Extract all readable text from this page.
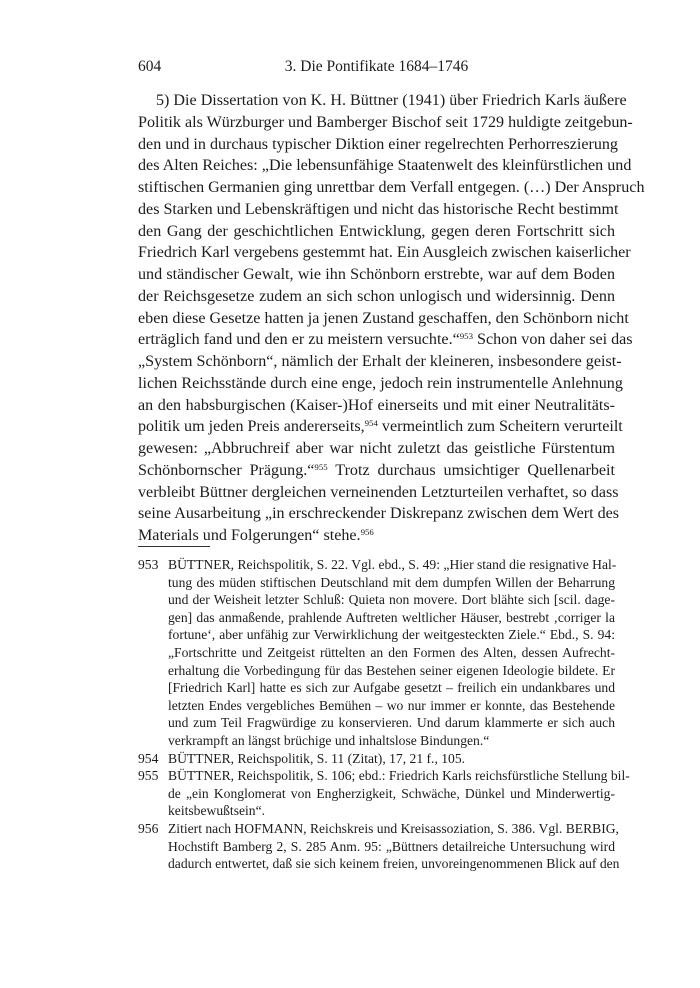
604	3. Die Pontifikate 1684–1746
5) Die Dissertation von K. H. Büttner (1941) über Friedrich Karls äußere
Politik als Würzburger und Bamberger Bischof seit 1729 huldigte zeitgebun-
den und in durchaus typischer Diktion einer regelrechten Perhorreszierung
des Alten Reiches: „Die lebensunfähige Staatenwelt des kleinfürstlichen und
stiftischen Germanien ging unrettbar dem Verfall entgegen. (…) Der Anspruch
des Starken und Lebenskräftigen und nicht das historische Recht bestimmt
den Gang der geschichtlichen Entwicklung, gegen deren Fortschritt sich
Friedrich Karl vergebens gestemmt hat. Ein Ausgleich zwischen kaiserlicher
und ständischer Gewalt, wie ihn Schönborn erstrebte, war auf dem Boden
der Reichsgesetze zudem an sich schon unlogisch und widersinnig. Denn
eben diese Gesetze hatten ja jenen Zustand geschaffen, den Schönborn nicht
erträglich fand und den er zu meistern versuchte.“$^{953}$ Schon von daher sei das
„System Schönborn“, nämlich der Erhalt der kleineren, insbesondere geist-
lichen Reichsstände durch eine enge, jedoch rein instrumentelle Anlehnung
an den habsburgischen (Kaiser-)Hof einerseits und mit einer Neutralitäts-
politik um jeden Preis andererseits,$^{954}$ vermeintlich zum Scheitern verurteilt
gewesen: „Abbruchreif aber war nicht zuletzt das geistliche Fürstentum
Schönbornscher Prägung.“$^{955}$ Trotz durchaus umsichtiger Quellenarbeit
verbleibt Büttner dergleichen verneinenden Letzturteilen verhaftet, so dass
seine Ausarbeitung „in erschreckender Diskrepanz zwischen dem Wert des
Materials und Folgerungen“ stehe.$^{956}$
953 BÜTTNER, Reichspolitik, S. 22. Vgl. ebd., S. 49: „Hier stand die resignative Hal-
tung des müden stiftischen Deutschland mit dem dumpfen Willen der Beharrung
und der Weisheit letzter Schluß: Quieta non movere. Dort blähte sich [scil. dage-
gen] das anmaßende, prahlende Auftreten weltlicher Häuser, bestrebt ‚corriger la
fortune‘, aber unfähig zur Verwirklichung der weitgesteckten Ziele.“ Ebd., S. 94:
„Fortschritte und Zeitgeist rüttelten an den Formen des Alten, dessen Aufrecht-
erhaltung die Vorbedingung für das Bestehen seiner eigenen Ideologie bildete. Er
[Friedrich Karl] hatte es sich zur Aufgabe gesetzt – freilich ein undankbares und
letzten Endes vergebliches Bemühen – wo nur immer er konnte, das Bestehende
und zum Teil Fragwürdige zu konservieren. Und darum klammerte er sich auch
verkrampft an längst brüchige und inhaltslose Bindungen.“
954 BÜTTNER, Reichspolitik, S. 11 (Zitat), 17, 21 f., 105.
955 BÜTTNER, Reichspolitik, S. 106; ebd.: Friedrich Karls reichsfürstliche Stellung bil-
de „ein Konglomerat von Engherzigkeit, Schwäche, Dünkel und Minderwertig-
keitsbewußtsein“.
956 Zitiert nach HOFMANN, Reichskreis und Kreisassoziation, S. 386. Vgl. BERBIG,
Hochstift Bamberg 2, S. 285 Anm. 95: „Büttners detailreiche Untersuchung wird
dadurch entwertet, daß sie sich keinem freien, unvoreingenommenen Blick auf den
